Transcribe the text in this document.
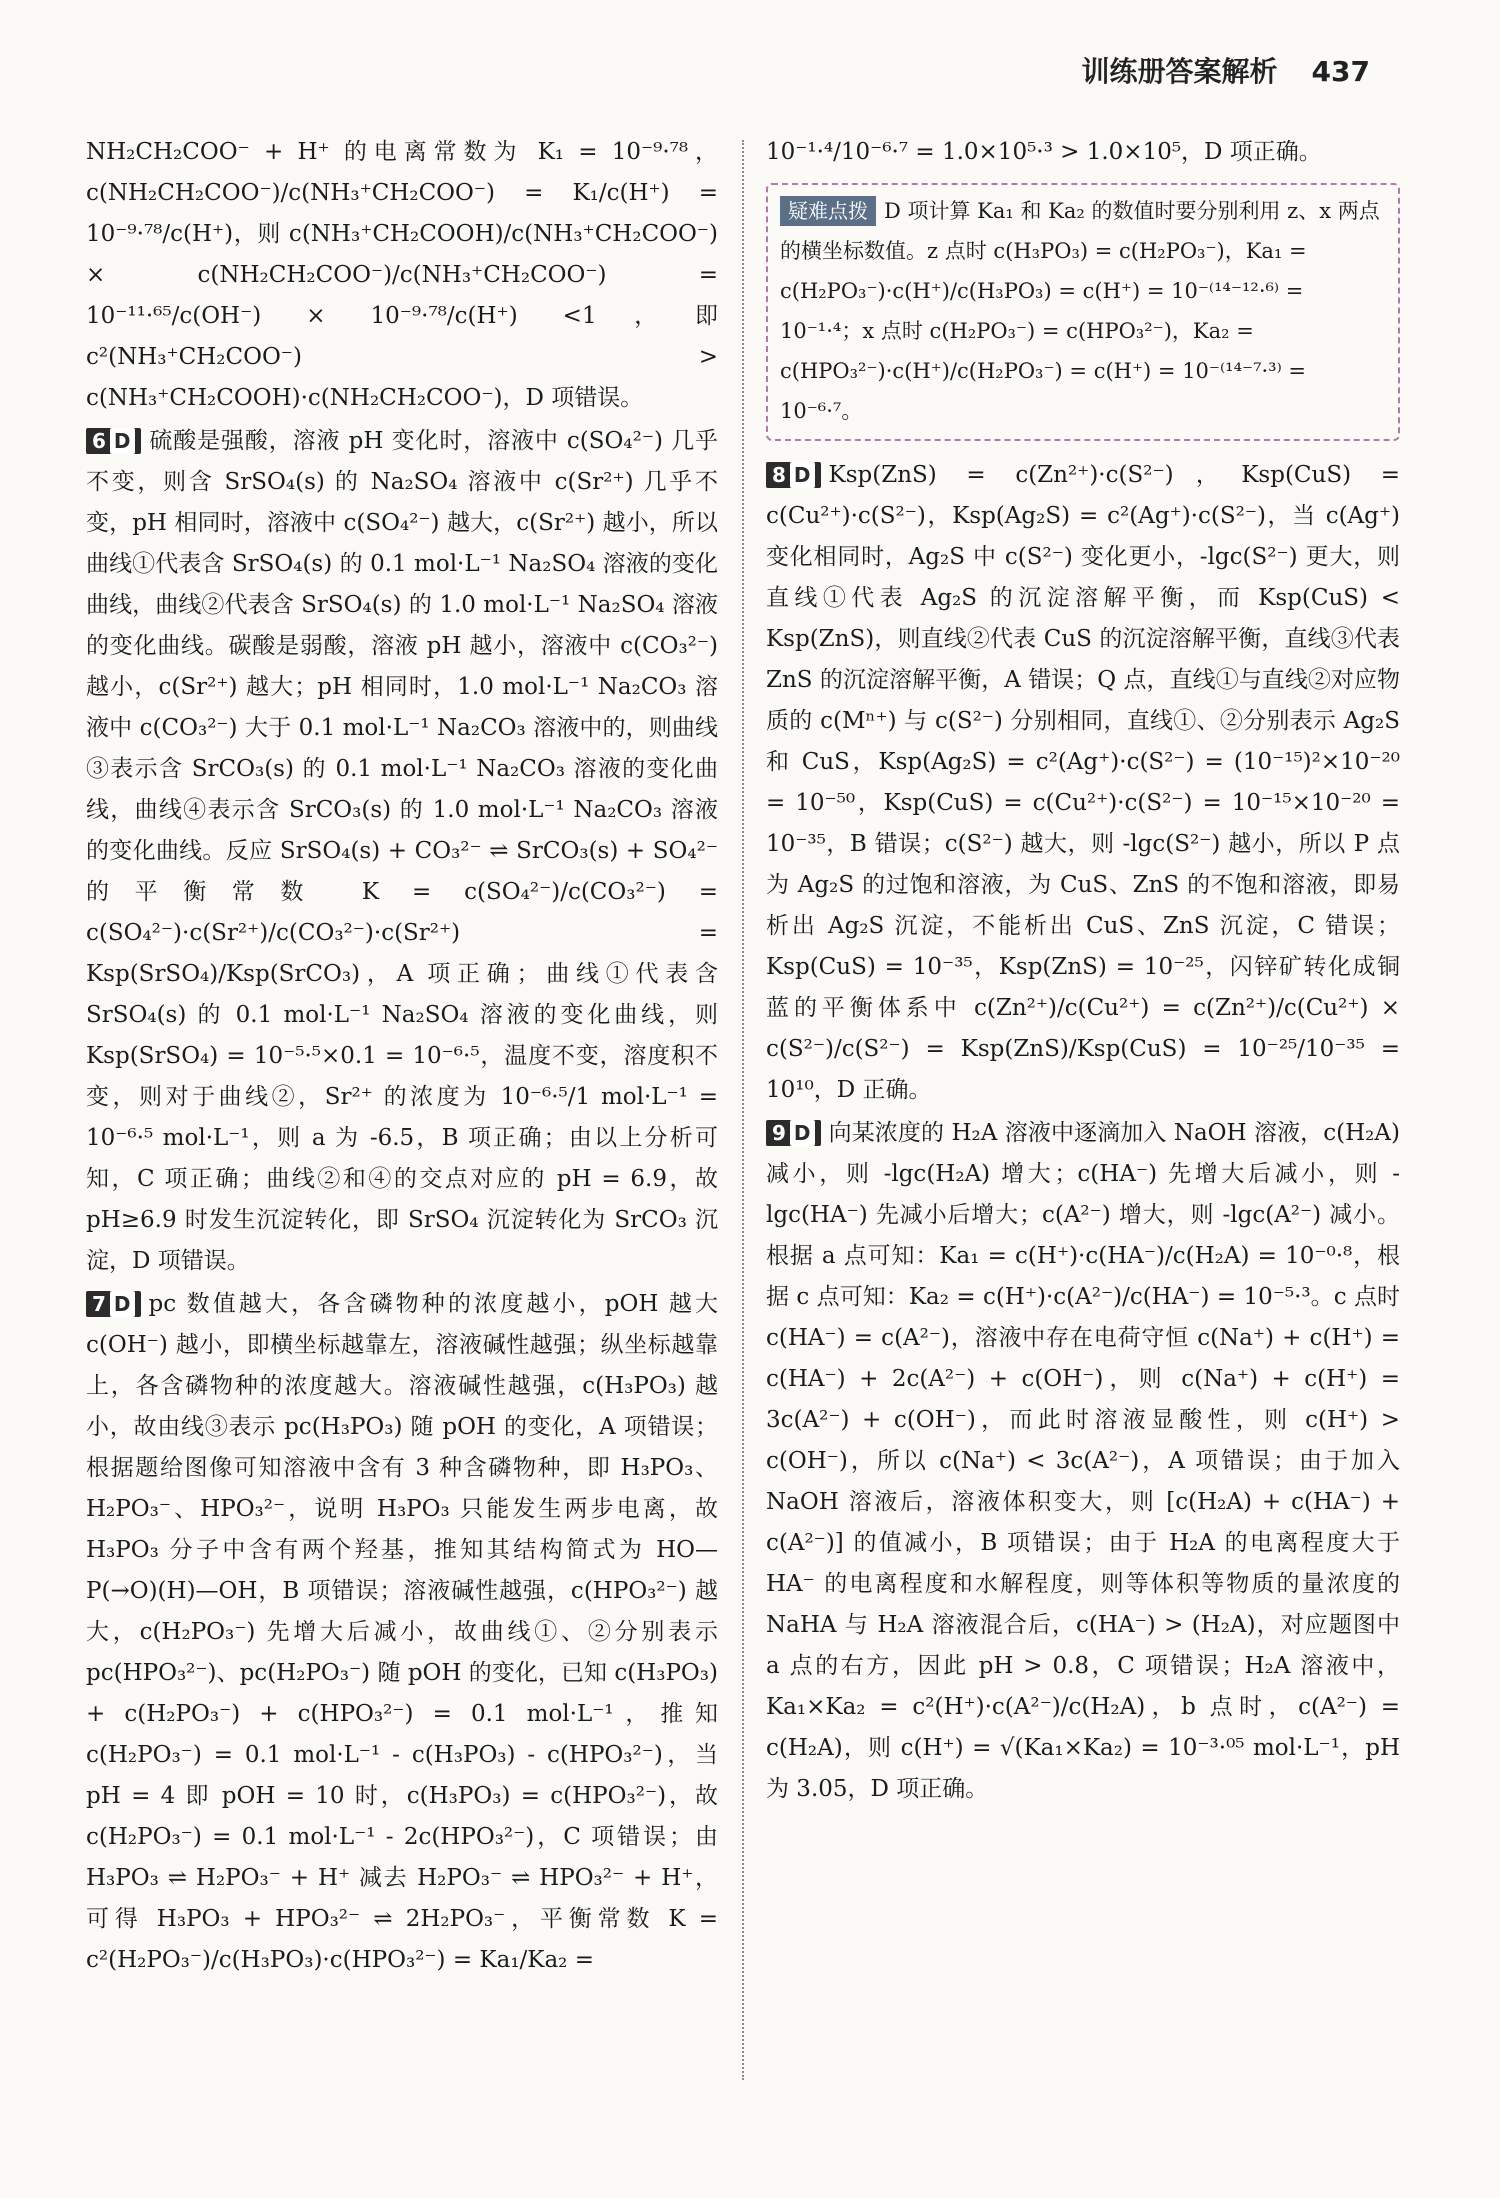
训练册答案解析 437

NH₂CH₂COO⁻ + H⁺ 的电离常数为 K₁ = 10⁻⁹·⁷⁸，c(NH₂CH₂COO⁻)/c(NH₃⁺CH₂COO⁻) = K₁/c(H⁺) = 10⁻⁹·⁷⁸/c(H⁺)，则 c(NH₃⁺CH₂COOH)/c(NH₃⁺CH₂COO⁻) × c(NH₂CH₂COO⁻)/c(NH₃⁺CH₂COO⁻) = 10⁻¹¹·⁶⁵/c(OH⁻) × 10⁻⁹·⁷⁸/c(H⁺) <1，即 c²(NH₃⁺CH₂COO⁻) > c(NH₃⁺CH₂COOH)·c(NH₂CH₂COO⁻)，D 项错误。

6 D 硫酸是强酸，溶液 pH 变化时，溶液中 c(SO₄²⁻) 几乎不变，则含 SrSO₄(s) 的 Na₂SO₄ 溶液中 c(Sr²⁺) 几乎不变，pH 相同时，溶液中 c(SO₄²⁻) 越大，c(Sr²⁺) 越小，所以曲线①代表含 SrSO₄(s) 的 0.1 mol·L⁻¹ Na₂SO₄ 溶液的变化曲线，曲线②代表含 SrSO₄(s) 的 1.0 mol·L⁻¹ Na₂SO₄ 溶液的变化曲线。碳酸是弱酸，溶液 pH 越小，溶液中 c(CO₃²⁻) 越小，c(Sr²⁺) 越大；pH 相同时，1.0 mol·L⁻¹ Na₂CO₃ 溶液中 c(CO₃²⁻) 大于 0.1 mol·L⁻¹ Na₂CO₃ 溶液中的，则曲线③表示含 SrCO₃(s) 的 0.1 mol·L⁻¹ Na₂CO₃ 溶液的变化曲线，曲线④表示含 SrCO₃(s) 的 1.0 mol·L⁻¹ Na₂CO₃ 溶液的变化曲线。反应 SrSO₄(s) + CO₃²⁻ ⇌ SrCO₃(s) + SO₄²⁻ 的平衡常数 K = c(SO₄²⁻)/c(CO₃²⁻) = c(SO₄²⁻)·c(Sr²⁺)/c(CO₃²⁻)·c(Sr²⁺) = Ksp(SrSO₄)/Ksp(SrCO₃)，A 项正确；曲线①代表含 SrSO₄(s) 的 0.1 mol·L⁻¹ Na₂SO₄ 溶液的变化曲线，则 Ksp(SrSO₄) = 10⁻⁵·⁵×0.1 = 10⁻⁶·⁵，温度不变，溶度积不变，则对于曲线②，Sr²⁺ 的浓度为 10⁻⁶·⁵/1 mol·L⁻¹ = 10⁻⁶·⁵ mol·L⁻¹，则 a 为 -6.5，B 项正确；由以上分析可知，C 项正确；曲线②和④的交点对应的 pH = 6.9，故 pH≥6.9 时发生沉淀转化，即 SrSO₄ 沉淀转化为 SrCO₃ 沉淀，D 项错误。

7 D pc 数值越大，各含磷物种的浓度越小，pOH 越大 c(OH⁻) 越小，即横坐标越靠左，溶液碱性越强；纵坐标越靠上，各含磷物种的浓度越大。溶液碱性越强，c(H₃PO₃) 越小，故由线③表示 pc(H₃PO₃) 随 pOH 的变化，A 项错误；根据题给图像可知溶液中含有 3 种含磷物种，即 H₃PO₃、H₂PO₃⁻、HPO₃²⁻，说明 H₃PO₃ 只能发生两步电离，故 H₃PO₃ 分子中含有两个羟基，推知其结构简式为 HO—P(→O)(H)—OH，B 项错误；溶液碱性越强，c(HPO₃²⁻) 越大，c(H₂PO₃⁻) 先增大后减小，故曲线①、②分别表示 pc(HPO₃²⁻)、pc(H₂PO₃⁻) 随 pOH 的变化，已知 c(H₃PO₃) + c(H₂PO₃⁻) + c(HPO₃²⁻) = 0.1 mol·L⁻¹，推知 c(H₂PO₃⁻) = 0.1 mol·L⁻¹ - c(H₃PO₃) - c(HPO₃²⁻)，当 pH = 4 即 pOH = 10 时，c(H₃PO₃) = c(HPO₃²⁻)，故 c(H₂PO₃⁻) = 0.1 mol·L⁻¹ - 2c(HPO₃²⁻)，C 项错误；由 H₃PO₃ ⇌ H₂PO₃⁻ + H⁺ 减去 H₂PO₃⁻ ⇌ HPO₃²⁻ + H⁺，可得 H₃PO₃ + HPO₃²⁻ ⇌ 2H₂PO₃⁻，平衡常数 K = c²(H₂PO₃⁻)/c(H₃PO₃)·c(HPO₃²⁻) = Ka₁/Ka₂ =

10⁻¹·⁴/10⁻⁶·⁷ = 1.0×10⁵·³ > 1.0×10⁵，D 项正确。

疑难点拨 D 项计算 Ka₁ 和 Ka₂ 的数值时要分别利用 z、x 两点的横坐标数值。z 点时 c(H₃PO₃) = c(H₂PO₃⁻)，Ka₁ = c(H₂PO₃⁻)·c(H⁺)/c(H₃PO₃) = c(H⁺) = 10⁻⁽¹⁴⁻¹²·⁶⁾ = 10⁻¹·⁴；x 点时 c(H₂PO₃⁻) = c(HPO₃²⁻)，Ka₂ = c(HPO₃²⁻)·c(H⁺)/c(H₂PO₃⁻) = c(H⁺) = 10⁻⁽¹⁴⁻⁷·³⁾ = 10⁻⁶·⁷。

8 D Ksp(ZnS) = c(Zn²⁺)·c(S²⁻)，Ksp(CuS) = c(Cu²⁺)·c(S²⁻)，Ksp(Ag₂S) = c²(Ag⁺)·c(S²⁻)，当 c(Ag⁺) 变化相同时，Ag₂S 中 c(S²⁻) 变化更小，-lgc(S²⁻) 更大，则直线①代表 Ag₂S 的沉淀溶解平衡，而 Ksp(CuS) < Ksp(ZnS)，则直线②代表 CuS 的沉淀溶解平衡，直线③代表 ZnS 的沉淀溶解平衡，A 错误；Q 点，直线①与直线②对应物质的 c(Mⁿ⁺) 与 c(S²⁻) 分别相同，直线①、②分别表示 Ag₂S 和 CuS，Ksp(Ag₂S) = c²(Ag⁺)·c(S²⁻) = (10⁻¹⁵)²×10⁻²⁰ = 10⁻⁵⁰，Ksp(CuS) = c(Cu²⁺)·c(S²⁻) = 10⁻¹⁵×10⁻²⁰ = 10⁻³⁵，B 错误；c(S²⁻) 越大，则 -lgc(S²⁻) 越小，所以 P 点为 Ag₂S 的过饱和溶液，为 CuS、ZnS 的不饱和溶液，即易析出 Ag₂S 沉淀，不能析出 CuS、ZnS 沉淀，C 错误；Ksp(CuS) = 10⁻³⁵，Ksp(ZnS) = 10⁻²⁵，闪锌矿转化成铜蓝的平衡体系中 c(Zn²⁺)/c(Cu²⁺) = c(Zn²⁺)/c(Cu²⁺) × c(S²⁻)/c(S²⁻) = Ksp(ZnS)/Ksp(CuS) = 10⁻²⁵/10⁻³⁵ = 10¹⁰，D 正确。

9 D 向某浓度的 H₂A 溶液中逐滴加入 NaOH 溶液，c(H₂A) 减小，则 -lgc(H₂A) 增大；c(HA⁻) 先增大后减小，则 -lgc(HA⁻) 先减小后增大；c(A²⁻) 增大，则 -lgc(A²⁻) 减小。根据 a 点可知：Ka₁ = c(H⁺)·c(HA⁻)/c(H₂A) = 10⁻⁰·⁸，根据 c 点可知：Ka₂ = c(H⁺)·c(A²⁻)/c(HA⁻) = 10⁻⁵·³。c 点时 c(HA⁻) = c(A²⁻)，溶液中存在电荷守恒 c(Na⁺) + c(H⁺) = c(HA⁻) + 2c(A²⁻) + c(OH⁻)，则 c(Na⁺) + c(H⁺) = 3c(A²⁻) + c(OH⁻)，而此时溶液显酸性，则 c(H⁺) > c(OH⁻)，所以 c(Na⁺) < 3c(A²⁻)，A 项错误；由于加入 NaOH 溶液后，溶液体积变大，则 [c(H₂A) + c(HA⁻) + c(A²⁻)] 的值减小，B 项错误；由于 H₂A 的电离程度大于 HA⁻ 的电离程度和水解程度，则等体积等物质的量浓度的 NaHA 与 H₂A 溶液混合后，c(HA⁻) > (H₂A)，对应题图中 a 点的右方，因此 pH > 0.8，C 项错误；H₂A 溶液中，Ka₁×Ka₂ = c²(H⁺)·c(A²⁻)/c(H₂A)，b 点时，c(A²⁻) = c(H₂A)，则 c(H⁺) = √(Ka₁×Ka₂) = 10⁻³·⁰⁵ mol·L⁻¹，pH 为 3.05，D 项正确。
